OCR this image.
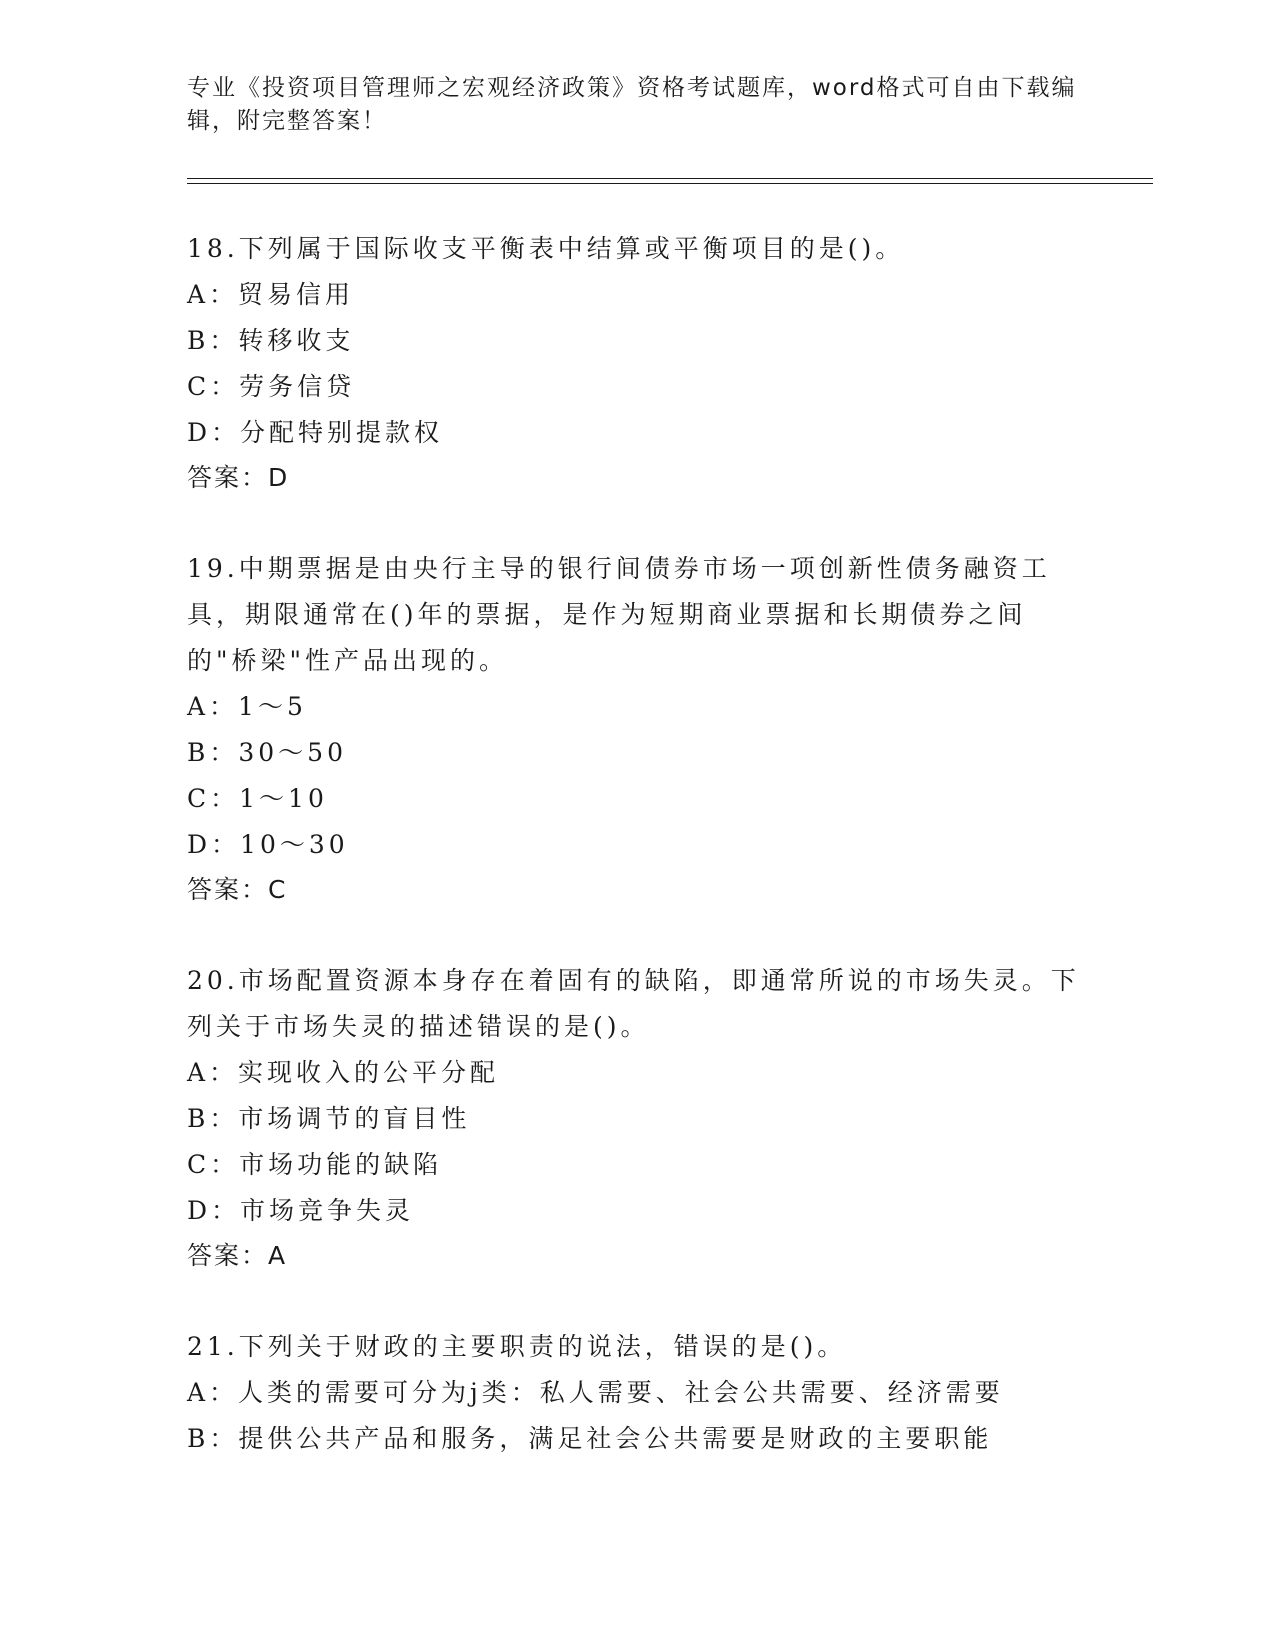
专业《投资项目管理师之宏观经济政策》资格考试题库，word格式可自由下载编辑，附完整答案！

18.下列属于国际收支平衡表中结算或平衡项目的是()。

A：贸易信用

B：转移收支

C：劳务信贷

D：分配特别提款权

答案：D

19.中期票据是由央行主导的银行间债券市场一项创新性债务融资工具，期限通常在()年的票据，是作为短期商业票据和长期债券之间的"桥梁"性产品出现的。

A：1～5

B：30～50

C：1～10

D：10～30

答案：C

20.市场配置资源本身存在着固有的缺陷，即通常所说的市场失灵。下列关于市场失灵的描述错误的是()。

A：实现收入的公平分配

B：市场调节的盲目性

C：市场功能的缺陷

D：市场竞争失灵

答案：A

21.下列关于财政的主要职责的说法，错误的是()。

A：人类的需要可分为j类：私人需要、社会公共需要、经济需要

B：提供公共产品和服务，满足社会公共需要是财政的主要职能
